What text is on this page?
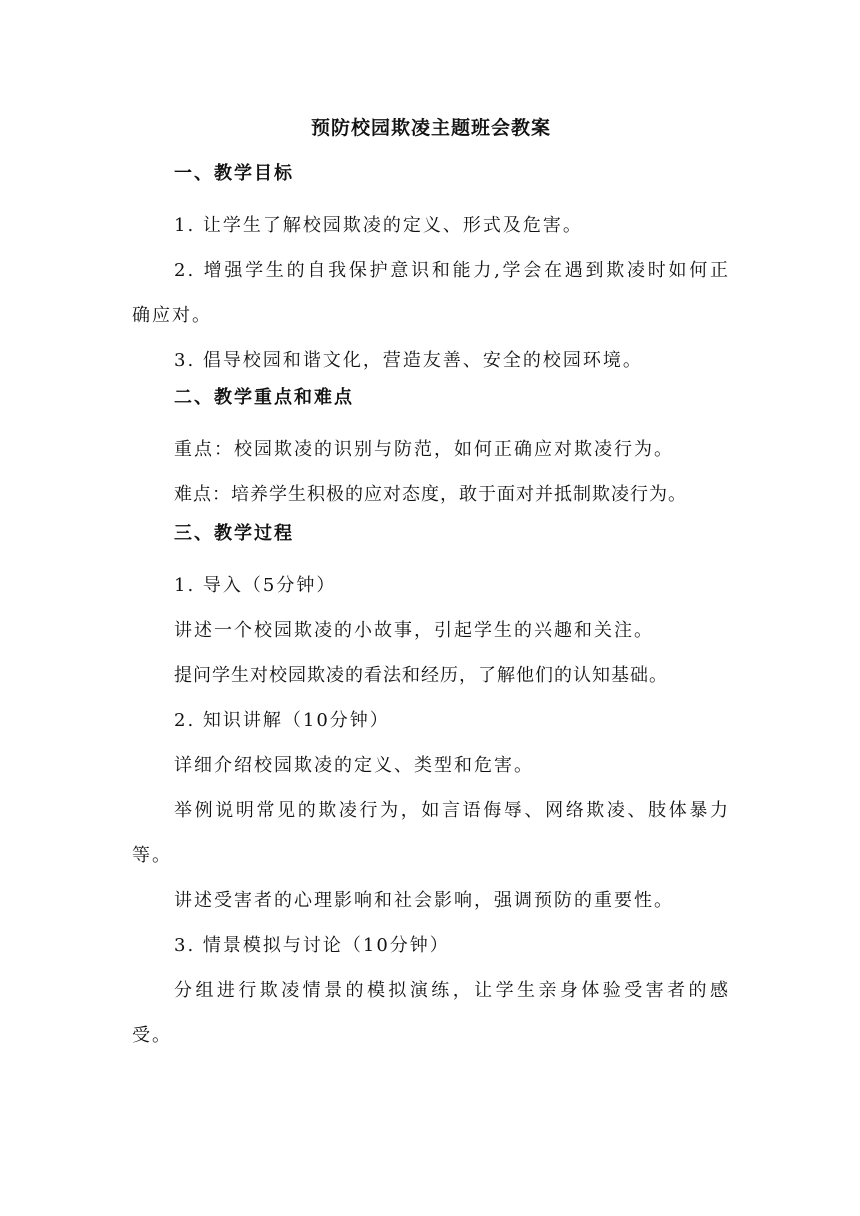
预防校园欺凌主题班会教案
一、教学目标

1. 让学生了解校园欺凌的定义、形式及危害。

2. 增强学生的自我保护意识和能力,学会在遇到欺凌时如何正确应对。

3. 倡导校园和谐文化，营造友善、安全的校园环境。

二、教学重点和难点

重点：校园欺凌的识别与防范，如何正确应对欺凌行为。

难点：培养学生积极的应对态度，敢于面对并抵制欺凌行为。

三、教学过程

1. 导入（5分钟）

讲述一个校园欺凌的小故事，引起学生的兴趣和关注。

提问学生对校园欺凌的看法和经历，了解他们的认知基础。

2. 知识讲解（10分钟）

详细介绍校园欺凌的定义、类型和危害。

举例说明常见的欺凌行为，如言语侮辱、网络欺凌、肢体暴力等。

讲述受害者的心理影响和社会影响，强调预防的重要性。

3. 情景模拟与讨论（10分钟）

分组进行欺凌情景的模拟演练，让学生亲身体验受害者的感受。
